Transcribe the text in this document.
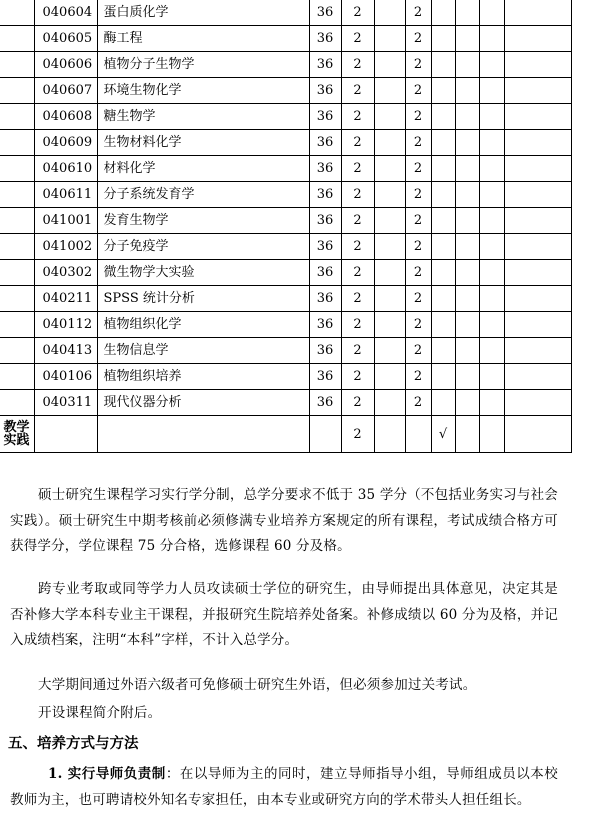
	040604	蛋白质化学	36	2		2				
	040605	酶工程	36	2		2				
	040606	植物分子生物学	36	2		2				
	040607	环境生物化学	36	2		2				
	040608	糖生物学	36	2		2				
	040609	生物材料化学	36	2		2				
	040610	材料化学	36	2		2				
	040611	分子系统发育学	36	2		2				
	041001	发育生物学	36	2		2				
	041002	分子免疫学	36	2		2				
	040302	微生物学大实验	36	2		2				
	040211	SPSS 统计分析	36	2		2				
	040112	植物组织化学	36	2		2				
	040413	生物信息学	36	2		2				
	040106	植物组织培养	36	2		2				
	040311	现代仪器分析	36	2		2				

教学
实践				2			√			

硕士研究生课程学习实行学分制，总学分要求不低于 35 学分（不包括业务实习与社会实践）。硕士研究生中期考核前必须修满专业培养方案规定的所有课程，考试成绩合格方可获得学分，学位课程 75 分合格，选修课程 60 分及格。

跨专业考取或同等学力人员攻读硕士学位的研究生，由导师提出具体意见，决定其是否补修大学本科专业主干课程，并报研究生院培养处备案。补修成绩以 60 分为及格，并记入成绩档案，注明“本科”字样，不计入总学分。

大学期间通过外语六级者可免修硕士研究生外语，但必须参加过关考试。

开设课程简介附后。

五、培养方式与方法

1. 实行导师负责制：在以导师为主的同时，建立导师指导小组，导师组成员以本校教师为主，也可聘请校外知名专家担任，由本专业或研究方向的学术带头人担任组长。
